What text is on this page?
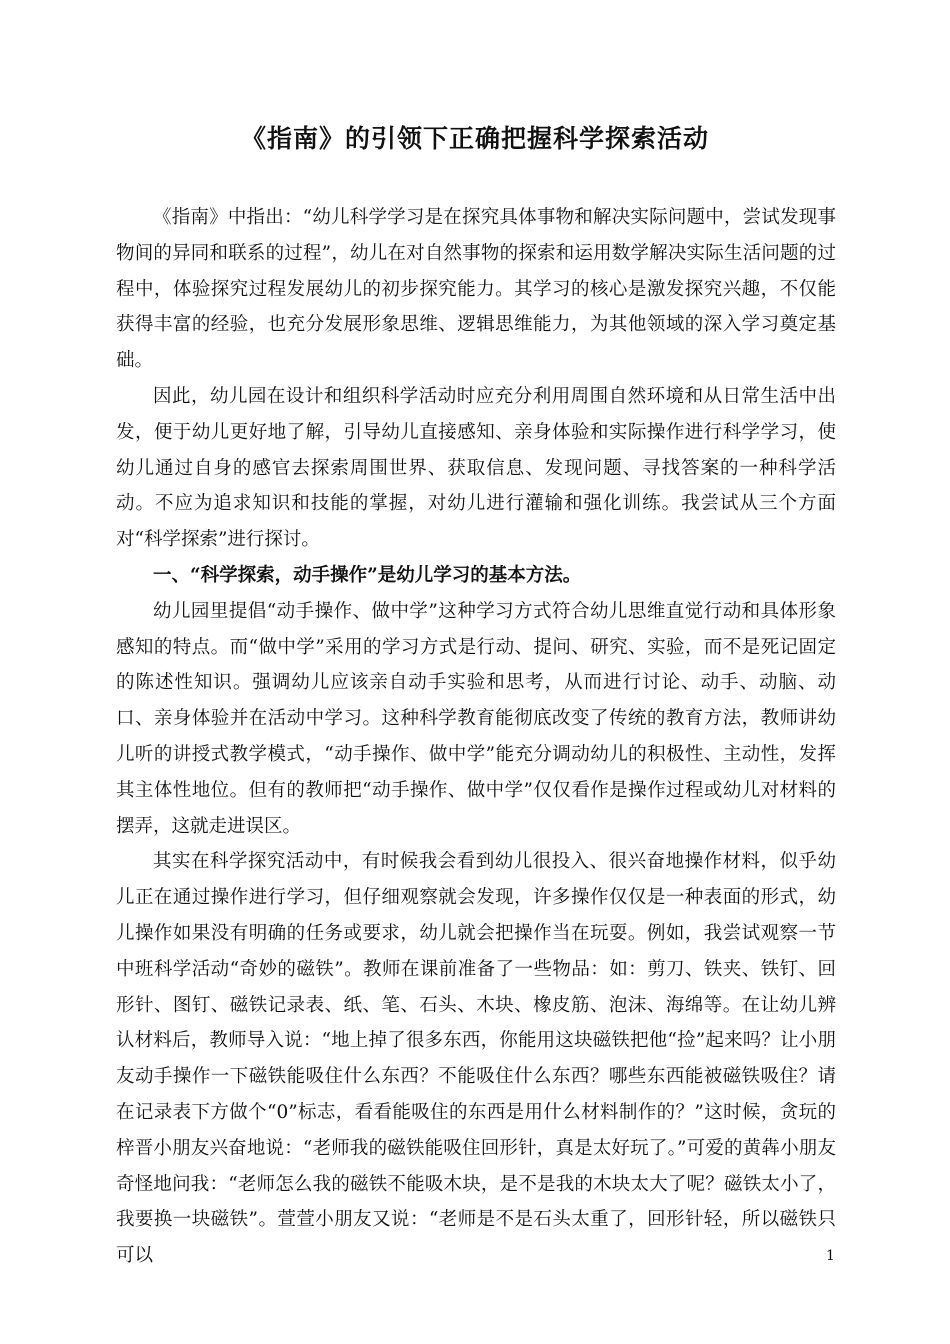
《指南》的引领下正确把握科学探索活动

《指南》中指出：“幼儿科学学习是在探究具体事物和解决实际问题中，尝试发现事物间的异同和联系的过程”，幼儿在对自然事物的探索和运用数学解决实际生活问题的过程中，体验探究过程发展幼儿的初步探究能力。其学习的核心是激发探究兴趣，不仅能获得丰富的经验，也充分发展形象思维、逻辑思维能力，为其他领域的深入学习奠定基础。

因此，幼儿园在设计和组织科学活动时应充分利用周围自然环境和从日常生活中出发，便于幼儿更好地了解，引导幼儿直接感知、亲身体验和实际操作进行科学学习，使幼儿通过自身的感官去探索周围世界、获取信息、发现问题、寻找答案的一种科学活动。不应为追求知识和技能的掌握，对幼儿进行灌输和强化训练。我尝试从三个方面对“科学探索”进行探讨。

一、“科学探索，动手操作”是幼儿学习的基本方法。

幼儿园里提倡“动手操作、做中学”这种学习方式符合幼儿思维直觉行动和具体形象感知的特点。而“做中学”采用的学习方式是行动、提问、研究、实验，而不是死记固定的陈述性知识。强调幼儿应该亲自动手实验和思考，从而进行讨论、动手、动脑、动口、亲身体验并在活动中学习。这种科学教育能彻底改变了传统的教育方法，教师讲幼儿听的讲授式教学模式，“动手操作、做中学”能充分调动幼儿的积极性、主动性，发挥其主体性地位。但有的教师把“动手操作、做中学”仅仅看作是操作过程或幼儿对材料的摆弄，这就走进误区。

其实在科学探究活动中，有时候我会看到幼儿很投入、很兴奋地操作材料，似乎幼儿正在通过操作进行学习，但仔细观察就会发现，许多操作仅仅是一种表面的形式，幼儿操作如果没有明确的任务或要求，幼儿就会把操作当在玩耍。例如，我尝试观察一节中班科学活动“奇妙的磁铁”。教师在课前准备了一些物品：如：剪刀、铁夹、铁钉、回形针、图钉、磁铁记录表、纸、笔、石头、木块、橡皮筋、泡沫、海绵等。在让幼儿辨认材料后，教师导入说：“地上掉了很多东西，你能用这块磁铁把他“捡”起来吗？让小朋友动手操作一下磁铁能吸住什么东西？不能吸住什么东西？哪些东西能被磁铁吸住？请在记录表下方做个“0”标志，看看能吸住的东西是用什么材料制作的？”这时候，贪玩的梓晋小朋友兴奋地说：“老师我的磁铁能吸住回形针，真是太好玩了。”可爱的黄犇小朋友奇怪地问我：“老师怎么我的磁铁不能吸木块，是不是我的木块太大了呢？磁铁太小了，我要换一块磁铁”。萱萱小朋友又说：“老师是不是石头太重了，回形针轻，所以磁铁只可以	1
